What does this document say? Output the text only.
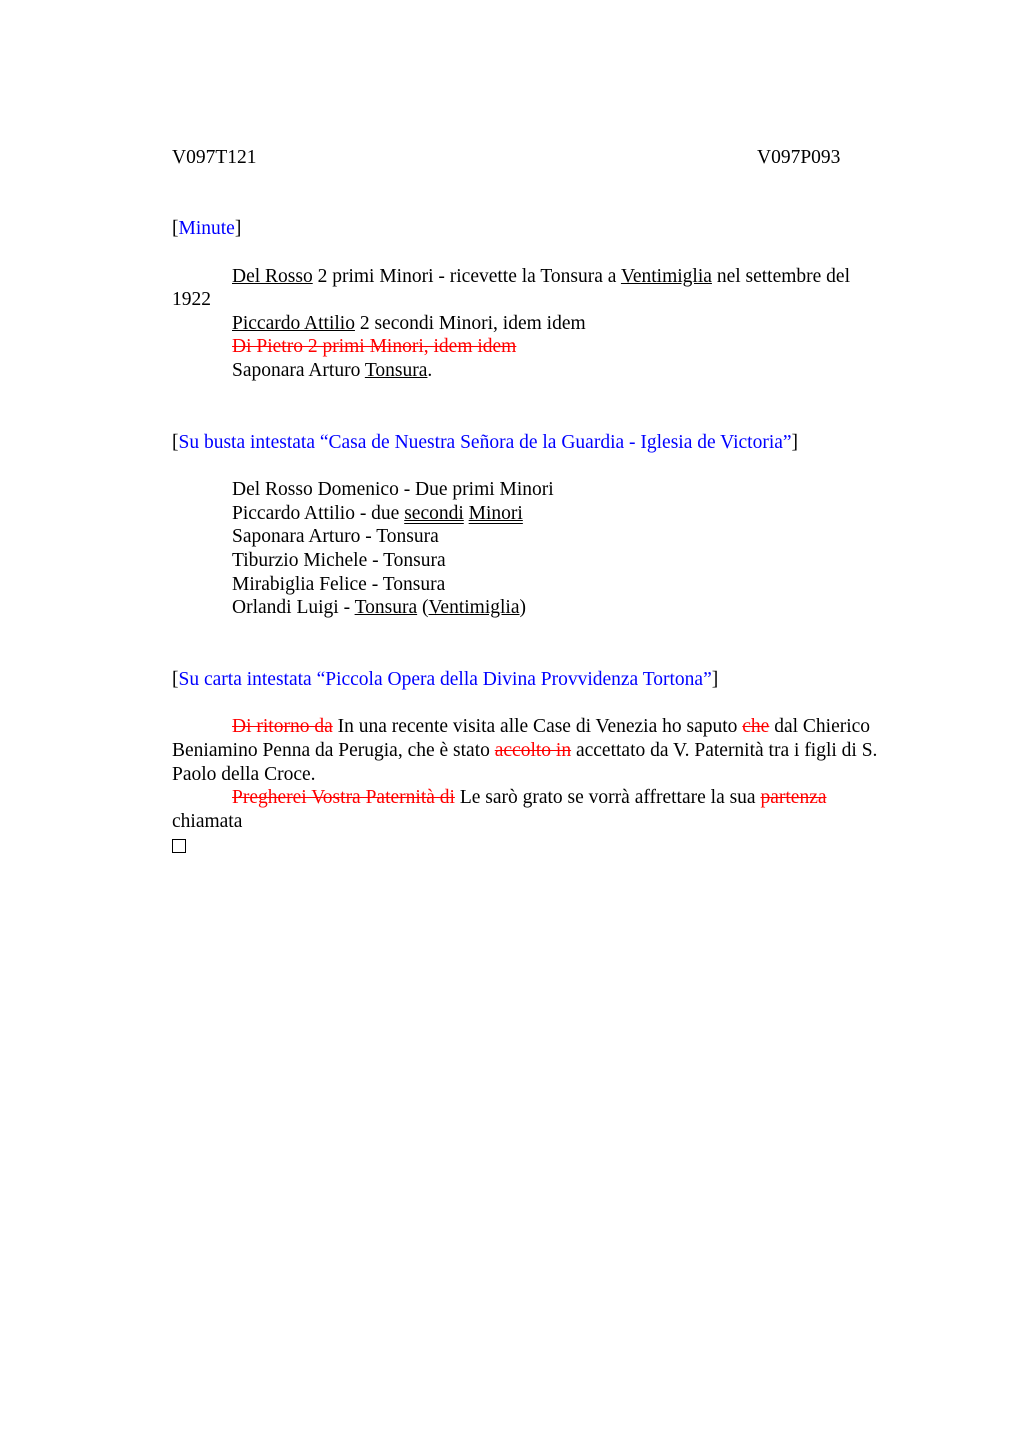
V097T121	V097P093

[Minute]

Del Rosso 2 primi Minori - ricevette la Tonsura a Ventimiglia nel settembre del
1922

Piccardo Attilio 2 secondi Minori, idem idem

Di Pietro 2 primi Minori, idem idem

Saponara Arturo Tonsura.

[Su busta intestata “Casa de Nuestra Señora de la Guardia - Iglesia de Victoria”]

Del Rosso Domenico - Due primi Minori

Piccardo Attilio - due secondi Minori

Saponara Arturo - Tonsura

Tiburzio Michele - Tonsura

Mirabiglia Felice - Tonsura

Orlandi Luigi - Tonsura (Ventimiglia)

[Su carta intestata “Piccola Opera della Divina Provvidenza Tortona”]

Di ritorno da In una recente visita alle Case di Venezia ho saputo che dal Chierico Beniamino Penna da Perugia, che è stato accolto in accettato da V. Paternità tra i figli di S. Paolo della Croce.

Pregherei Vostra Paternità di Le sarò grato se vorrà affrettare la sua partenza
chiamata
